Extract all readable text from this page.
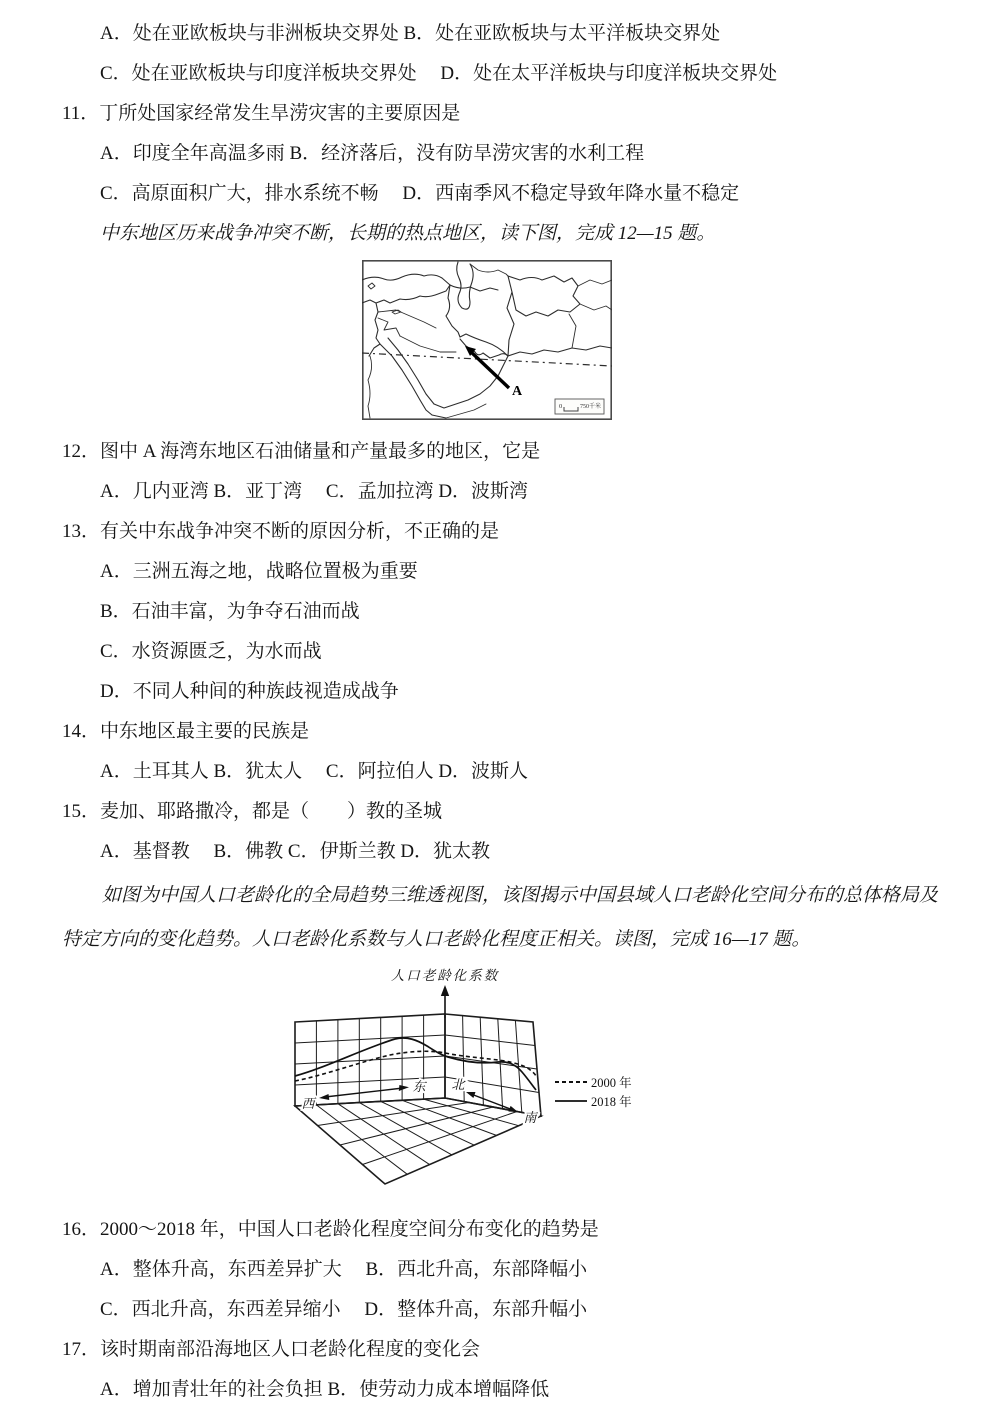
A．处在亚欧板块与非洲板块交界处 B．处在亚欧板块与太平洋板块交界处
C．处在亚欧板块与印度洋板块交界处　 D．处在太平洋板块与印度洋板块交界处
11．丁所处国家经常发生旱涝灾害的主要原因是
A．印度全年高温多雨 B．经济落后，没有防旱涝灾害的水利工程
C．高原面积广大，排水系统不畅　 D．西南季风不稳定导致年降水量不稳定
中东地区历来战争冲突不断，长期的热点地区，读下图，完成 12—15 题。
A
0	750千米
12．图中 A 海湾东地区石油储量和产量最多的地区，它是
A．几内亚湾 B．亚丁湾　 C．孟加拉湾 D．波斯湾
13．有关中东战争冲突不断的原因分析，不正确的是
A．三洲五海之地，战略位置极为重要
B．石油丰富，为争夺石油而战
C．水资源匮乏，为水而战
D．不同人种间的种族歧视造成战争
14．中东地区最主要的民族是
A．土耳其人 B．犹太人　 C．阿拉伯人 D．波斯人
15．麦加、耶路撒冷，都是（　　）教的圣城
A．基督教　 B．佛教 C．伊斯兰教 D．犹太教
如图为中国人口老龄化的全局趋势三维透视图，该图揭示中国县域人口老龄化空间分布的总体格局及特定方向的变化趋势。人口老龄化系数与人口老龄化程度正相关。读图，完成 16—17 题。
人口老龄化系数
西
东 北
南
2000 年
2018 年
16．2000～2018 年，中国人口老龄化程度空间分布变化的趋势是
A．整体升高，东西差异扩大　 B．西北升高，东部降幅小
C．西北升高，东西差异缩小　 D．整体升高，东部升幅小
17．该时期南部沿海地区人口老龄化程度的变化会
A．增加青壮年的社会负担 B．使劳动力成本增幅降低
